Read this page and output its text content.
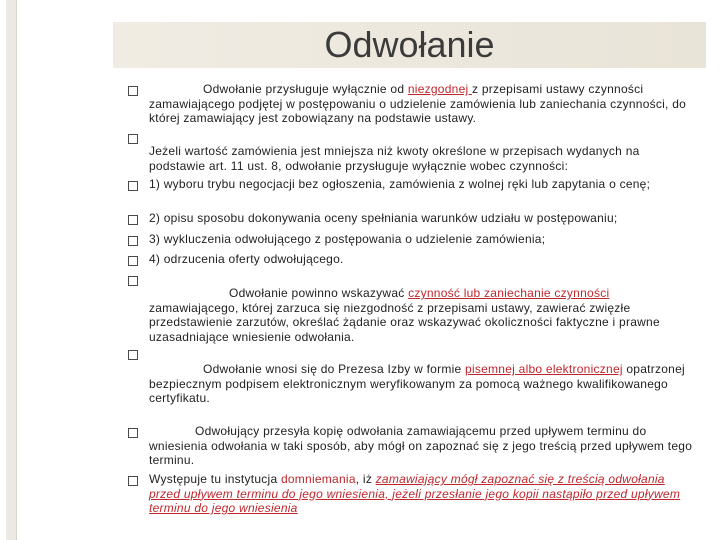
Odwołanie

Odwołanie przysługuje wyłącznie od niezgodnej z przepisami ustawy czynności zamawiającego podjętej w postępowaniu o udzielenie zamówienia lub zaniechania czynności, do której zamawiający jest zobowiązany na podstawie ustawy.

Jeżeli wartość zamówienia jest mniejsza niż kwoty określone w przepisach wydanych na podstawie art. 11 ust. 8, odwołanie przysługuje wyłącznie wobec czynności:

1) wyboru trybu negocjacji bez ogłoszenia, zamówienia z wolnej ręki lub zapytania o cenę;

2) opisu sposobu dokonywania oceny spełniania warunków udziału w postępowaniu;

3) wykluczenia odwołującego z postępowania o udzielenie zamówienia;

4) odrzucenia oferty odwołującego.

Odwołanie powinno wskazywać czynność lub zaniechanie czynności zamawiającego, której zarzuca się niezgodność z przepisami ustawy, zawierać zwięzłe przedstawienie zarzutów, określać żądanie oraz wskazywać okoliczności faktyczne i prawne uzasadniające wniesienie odwołania.

Odwołanie wnosi się do Prezesa Izby w formie pisemnej albo elektronicznej opatrzonej bezpiecznym podpisem elektronicznym weryfikowanym za pomocą ważnego kwalifikowanego certyfikatu.

Odwołujący przesyła kopię odwołania zamawiającemu przed upływem terminu do wniesienia odwołania w taki sposób, aby mógł on zapoznać się z jego treścią przed upływem tego terminu.

Występuje tu instytucja domniemania, iż zamawiający mógł zapoznać się z treścią odwołania przed upływem terminu do jego wniesienia, jeżeli przesłanie jego kopii nastąpiło przed upływem terminu do jego wniesienia
